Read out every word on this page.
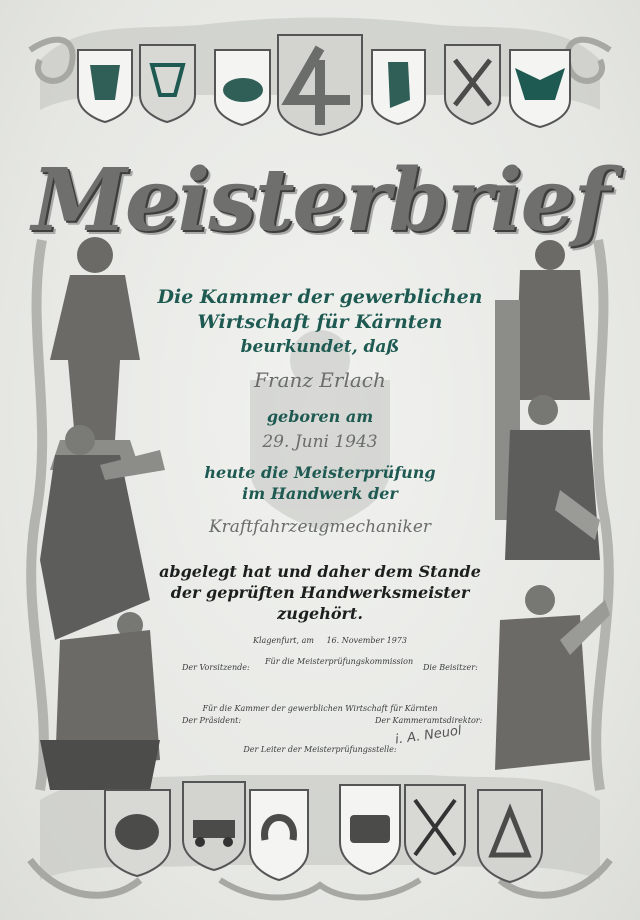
Meisterbrief
Die Kammer der gewerblichen
Wirtschaft für Kärnten
beurkundet, daß
Franz Erlach
geboren am
29. Juni 1943
heute die Meisterprüfung
im Handwerk der
Kraftfahrzeugmechaniker
abgelegt hat und daher dem Stande
der geprüften Handwerksmeister
zugehört.
Klagenfurt, am 16. November 1973
Der Vorsitzende:
Für die Meisterprüfungskommission
Die Beisitzer:
Für die Kammer der gewerblichen Wirtschaft für Kärnten
Der Präsident:	Der Kammeramtsdirektor:
i. A. Neuol
Der Leiter der Meisterprüfungsstelle:
